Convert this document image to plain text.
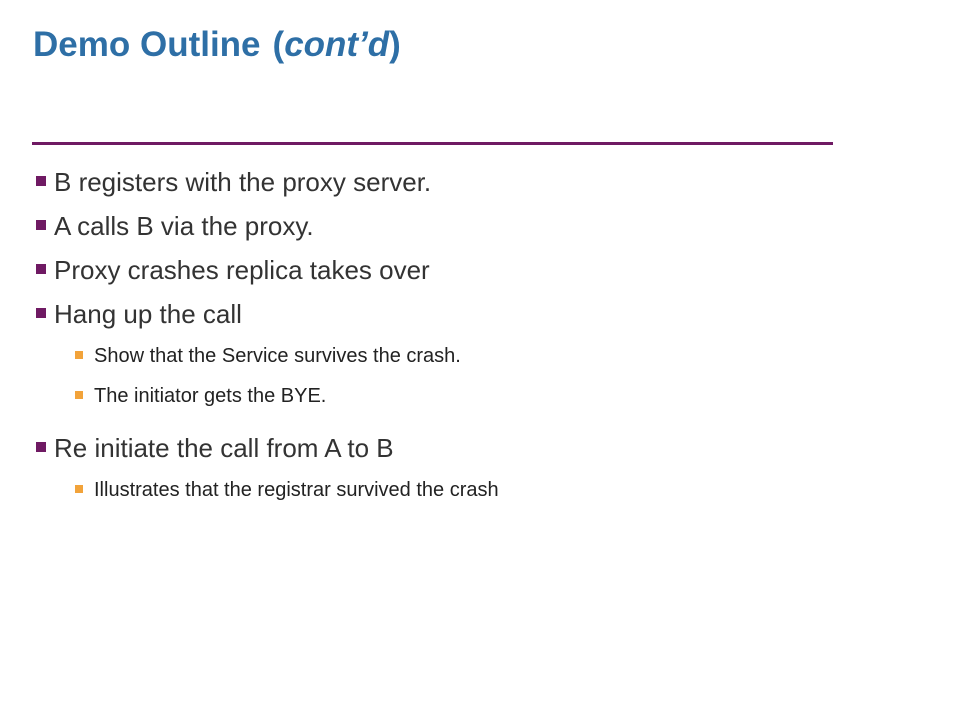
Demo Outline (cont’d)
B registers with the proxy server.
A calls B via the proxy.
Proxy crashes replica takes over
Hang up the call
Show that the Service survives the crash.
The initiator gets the BYE.
Re initiate the call from A to B
Illustrates that the registrar survived the crash
